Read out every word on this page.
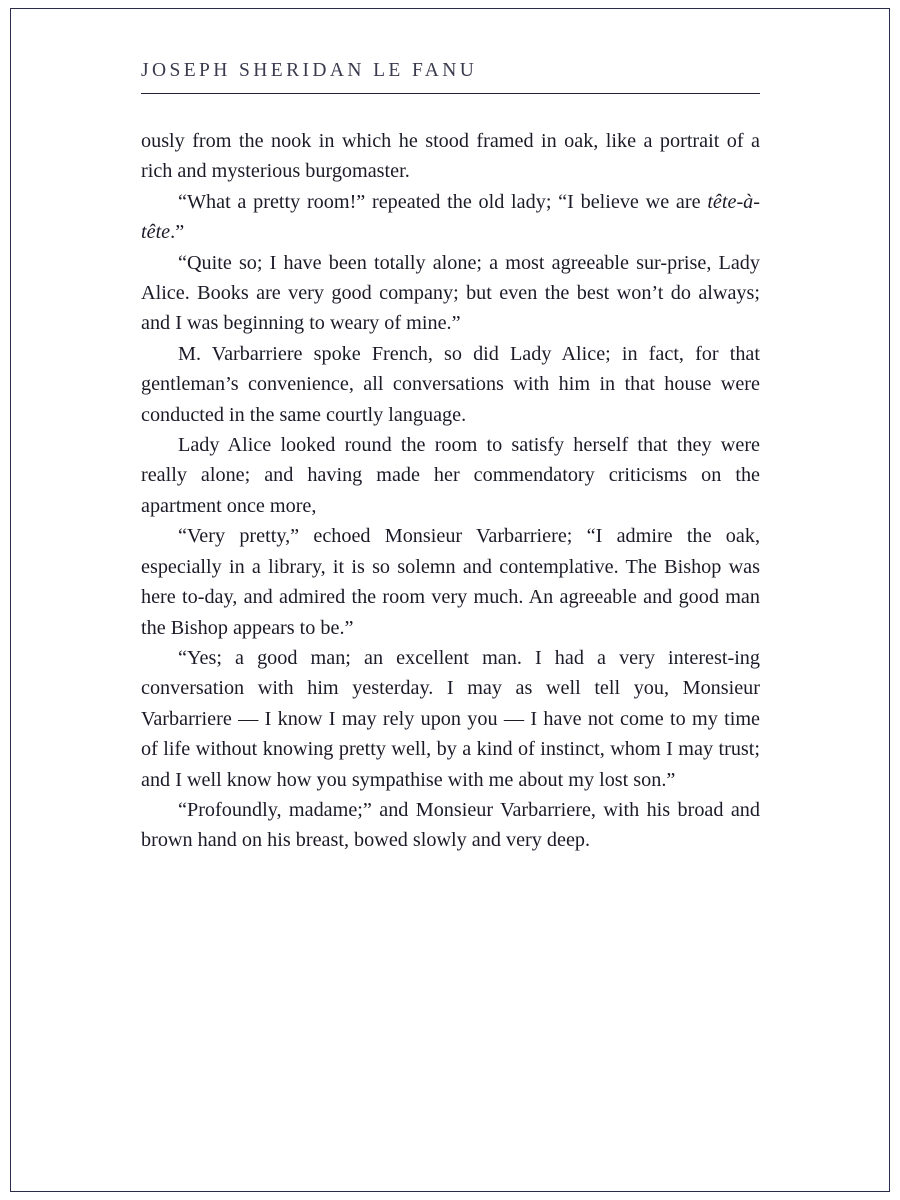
JOSEPH SHERIDAN LE FANU

ously from the nook in which he stood framed in oak, like a portrait of a rich and mysterious burgomaster.

“What a pretty room!” repeated the old lady; “I believe we are tête-à-tête.”

“Quite so; I have been totally alone; a most agreeable sur-prise, Lady Alice. Books are very good company; but even the best won’t do always; and I was beginning to weary of mine.”

M. Varbarriere spoke French, so did Lady Alice; in fact, for that gentleman’s convenience, all conversations with him in that house were conducted in the same courtly language.

Lady Alice looked round the room to satisfy herself that they were really alone; and having made her commendatory criticisms on the apartment once more,

“Very pretty,” echoed Monsieur Varbarriere; “I admire the oak, especially in a library, it is so solemn and contemplative. The Bishop was here to-day, and admired the room very much. An agreeable and good man the Bishop appears to be.”

“Yes; a good man; an excellent man. I had a very interest-ing conversation with him yesterday. I may as well tell you, Monsieur Varbarriere — I know I may rely upon you — I have not come to my time of life without knowing pretty well, by a kind of instinct, whom I may trust; and I well know how you sympathise with me about my lost son.”

“Profoundly, madame;” and Monsieur Varbarriere, with his broad and brown hand on his breast, bowed slowly and very deep.
